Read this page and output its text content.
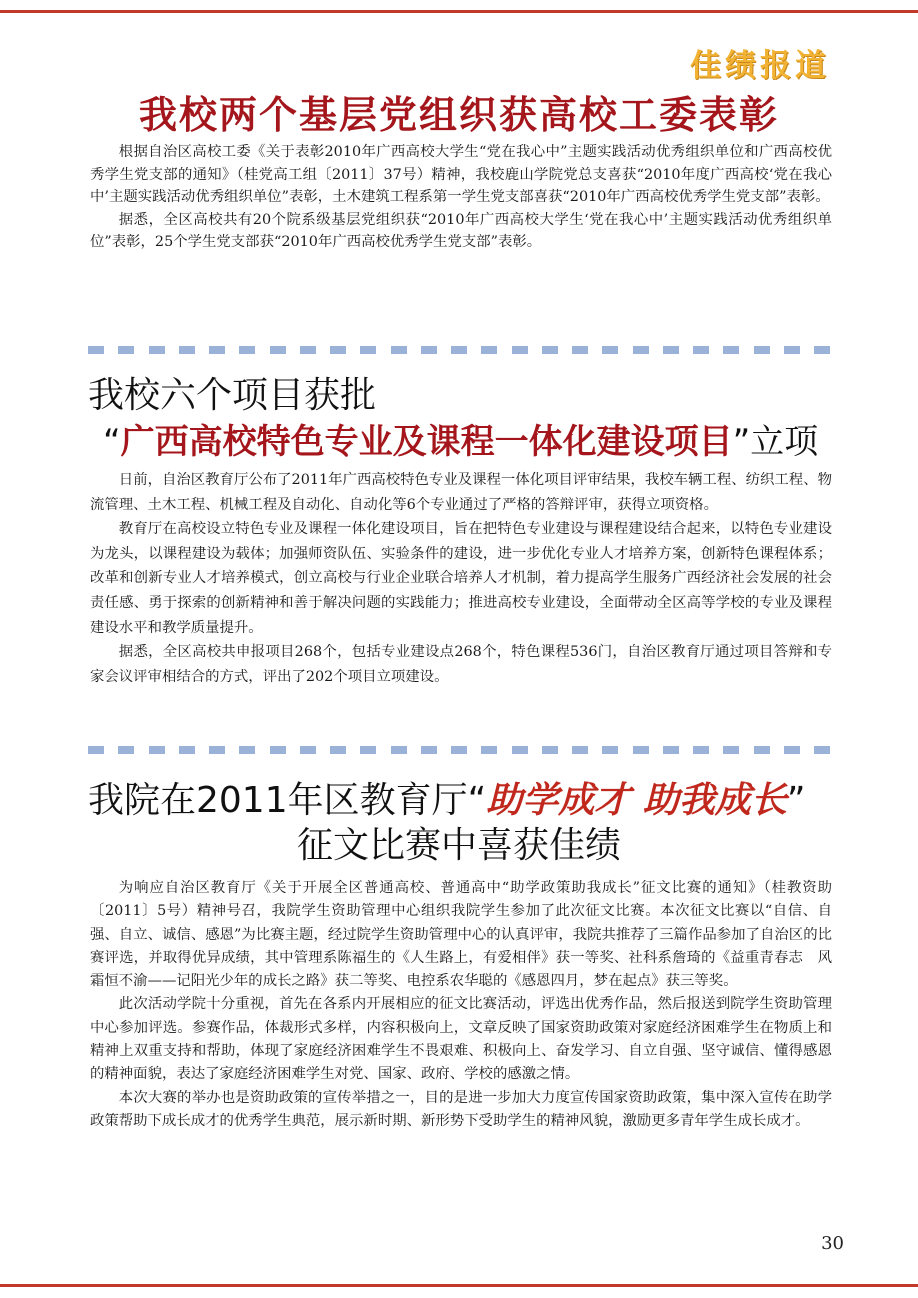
佳绩报道
我校两个基层党组织获高校工委表彰

根据自治区高校工委《关于表彰2010年广西高校大学生“党在我心中”主题实践活动优秀组织单位和广西高校优秀学生党支部的通知》（桂党高工组〔2011〕37号）精神，我校鹿山学院党总支喜获“2010年度广西高校‘党在我心中’主题实践活动优秀组织单位”表彰，土木建筑工程系第一学生党支部喜获“2010年广西高校优秀学生党支部”表彰。

据悉，全区高校共有20个院系级基层党组织获“2010年广西高校大学生‘党在我心中’主题实践活动优秀组织单位”表彰，25个学生党支部获“2010年广西高校优秀学生党支部”表彰。

我校六个项目获批
“广西高校特色专业及课程一体化建设项目”立项

日前，自治区教育厅公布了2011年广西高校特色专业及课程一体化项目评审结果，我校车辆工程、纺织工程、物流管理、土木工程、机械工程及自动化、自动化等6个专业通过了严格的答辩评审，获得立项资格。

教育厅在高校设立特色专业及课程一体化建设项目，旨在把特色专业建设与课程建设结合起来，以特色专业建设为龙头，以课程建设为载体；加强师资队伍、实验条件的建设，进一步优化专业人才培养方案，创新特色课程体系；改革和创新专业人才培养模式，创立高校与行业企业联合培养人才机制，着力提高学生服务广西经济社会发展的社会责任感、勇于探索的创新精神和善于解决问题的实践能力；推进高校专业建设，全面带动全区高等学校的专业及课程建设水平和教学质量提升。

据悉，全区高校共申报项目268个，包括专业建设点268个，特色课程536门，自治区教育厅通过项目答辩和专家会议评审相结合的方式，评出了202个项目立项建设。

我院在2011年区教育厅“助学成才 助我成长”
征文比赛中喜获佳绩

为响应自治区教育厅《关于开展全区普通高校、普通高中“助学政策助我成长”征文比赛的通知》（桂教资助〔2011〕5号）精神号召，我院学生资助管理中心组织我院学生参加了此次征文比赛。本次征文比赛以“自信、自强、自立、诚信、感恩”为比赛主题，经过院学生资助管理中心的认真评审，我院共推荐了三篇作品参加了自治区的比赛评选，并取得优异成绩，其中管理系陈福生的《人生路上，有爱相伴》获一等奖、社科系詹琦的《益重青春志　风霜恒不渝——记阳光少年的成长之路》获二等奖、电控系农华聪的《感恩四月，梦在起点》获三等奖。

此次活动学院十分重视，首先在各系内开展相应的征文比赛活动，评选出优秀作品，然后报送到院学生资助管理中心参加评选。参赛作品，体裁形式多样，内容积极向上，文章反映了国家资助政策对家庭经济困难学生在物质上和精神上双重支持和帮助，体现了家庭经济困难学生不畏艰难、积极向上、奋发学习、自立自强、坚守诚信、懂得感恩的精神面貌，表达了家庭经济困难学生对党、国家、政府、学校的感激之情。

本次大赛的举办也是资助政策的宣传举措之一，目的是进一步加大力度宣传国家资助政策，集中深入宣传在助学政策帮助下成长成才的优秀学生典范，展示新时期、新形势下受助学生的精神风貌，激励更多青年学生成长成才。

30
